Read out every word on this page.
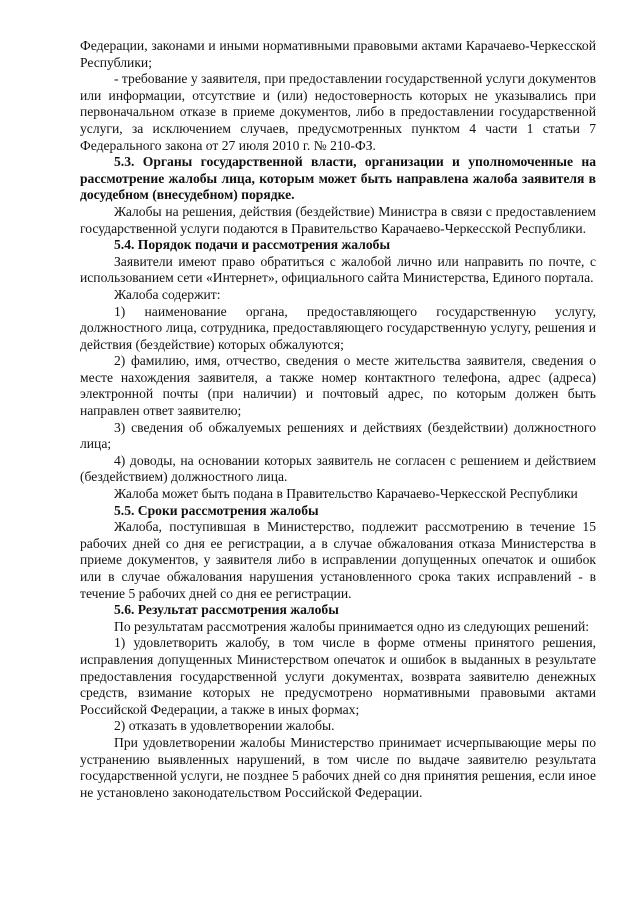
Федерации, законами и иными нормативными правовыми актами Карачаево-Черкесской Республики;

- требование у заявителя, при предоставлении государственной услуги документов или информации, отсутствие и (или) недостоверность которых не указывались при первоначальном отказе в приеме документов, либо в предоставлении государственной услуги, за исключением случаев, предусмотренных пунктом 4 части 1 статьи 7 Федерального закона от 27 июля 2010 г. № 210-ФЗ.

5.3. Органы государственной власти, организации и уполномоченные на рассмотрение жалобы лица, которым может быть направлена жалоба заявителя в досудебном (внесудебном) порядке.

Жалобы на решения, действия (бездействие) Министра в связи с предоставлением государственной услуги подаются в Правительство Карачаево-Черкесской Республики.

5.4. Порядок подачи и рассмотрения жалобы

Заявители имеют право обратиться с жалобой лично или направить по почте, с использованием сети «Интернет», официального сайта Министерства, Единого портала.

Жалоба содержит:

1) наименование органа, предоставляющего государственную услугу, должностного лица, сотрудника, предоставляющего государственную услугу, решения и действия (бездействие) которых обжалуются;

2) фамилию, имя, отчество, сведения о месте жительства заявителя, сведения о месте нахождения заявителя, а также номер контактного телефона, адрес (адреса) электронной почты (при наличии) и почтовый адрес, по которым должен быть направлен ответ заявителю;

3) сведения об обжалуемых решениях и действиях (бездействии) должностного лица;

4) доводы, на основании которых заявитель не согласен с решением и действием (бездействием) должностного лица.

Жалоба может быть подана в Правительство Карачаево-Черкесской Республики

5.5. Сроки рассмотрения жалобы

Жалоба, поступившая в Министерство, подлежит рассмотрению в течение 15 рабочих дней со дня ее регистрации, а в случае обжалования отказа Министерства в приеме документов, у заявителя либо в исправлении допущенных опечаток и ошибок или в случае обжалования нарушения установленного срока таких исправлений - в течение 5 рабочих дней со дня ее регистрации.

5.6. Результат рассмотрения жалобы

По результатам рассмотрения жалобы принимается одно из следующих решений:

1) удовлетворить жалобу, в том числе в форме отмены принятого решения, исправления допущенных Министерством опечаток и ошибок в выданных в результате предоставления государственной услуги документах, возврата заявителю денежных средств, взимание которых не предусмотрено нормативными правовыми актами Российской Федерации, а также в иных формах;

2) отказать в удовлетворении жалобы.

При удовлетворении жалобы Министерство принимает исчерпывающие меры по устранению выявленных нарушений, в том числе по выдаче заявителю результата государственной услуги, не позднее 5 рабочих дней со дня принятия решения, если иное не установлено законодательством Российской Федерации.
